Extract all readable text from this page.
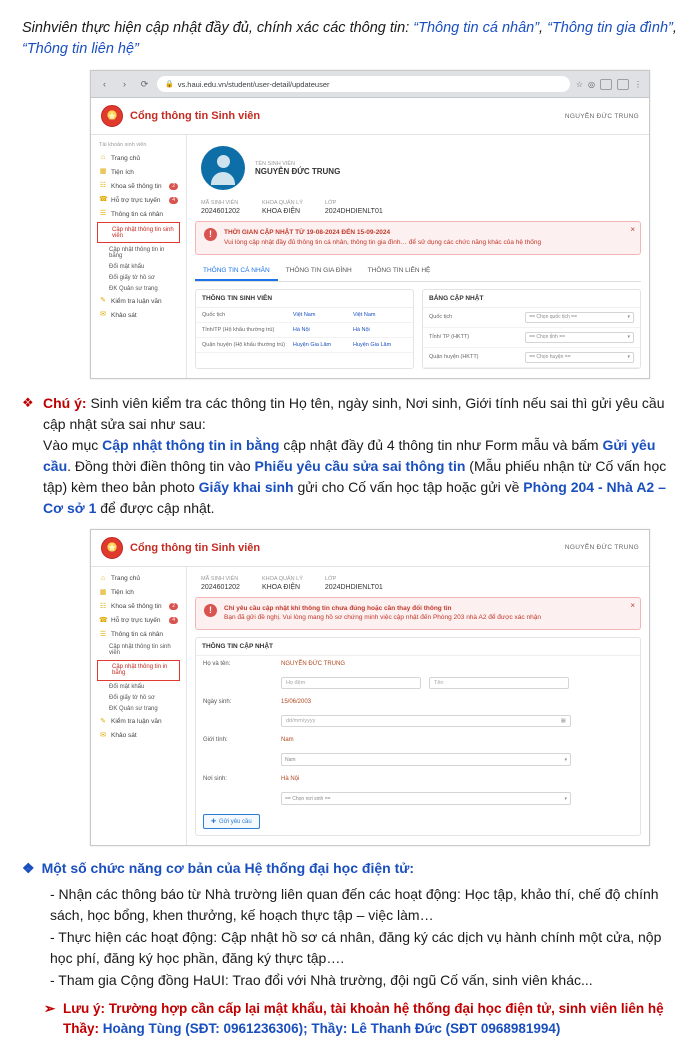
Sinhviên thực hiện cập nhật đầy đủ, chính xác các thông tin: “Thông tin cá nhân”, “Thông tin gia đình”, “Thông tin liên hệ”
‹	›	⟳	🔒 vs.haui.edu.vn/student/user-detail/updateuser	☆ ◎	⋮
Cổng thông tin Sinh viên	NGUYỄN ĐỨC TRUNG
Tài khoản sinh viên
⌂ Trang chủ
▦ Tiện ích
☷ Khoa sẽ thông tin	2
☎ Hỗ trợ trực tuyến	4
☰ Thông tin cá nhân
Cập nhật thông tin sinh viên
Cập nhật thông tin in bằng
Đổi mật khẩu
Đổi giấy tờ hồ sơ
ĐK Quản sư trang
✎ Kiểm tra luận văn
✉ Khảo sát
TÊN SINH VIÊN
NGUYỄN ĐỨC TRUNG
MÃ SINH VIÊN
2024601202
KHOA QUẢN LÝ
KHOA ĐIỆN
LỚP
2024DHDIENLT01
!	THỜI GIAN CẬP NHẬT TỪ 19-08-2024 ĐẾN 15-09-2024
Vui lòng cập nhật đầy đủ thông tin cá nhân, thông tin gia đình… để sử dụng các chức năng khác của hệ thống
×
THÔNG TIN CÁ NHÂN	THÔNG TIN GIA ĐÌNH	THÔNG TIN LIÊN HỆ
THÔNG TIN SINH VIÊN
Quốc tịch	Việt Nam	Việt Nam
Tỉnh/TP (Hộ khẩu thường trú)	Hà Nội	Hà Nội
Quận huyện (Hộ khẩu thường trú)	Huyện Gia Lâm	Huyện Gia Lâm
BẢNG CẬP NHẬT
Quốc tịch	== Chọn quốc tịch ==	▾
Tỉnh/ TP (HKTT)	== Chọn tỉnh ==	▾
Quận huyện (HKTT)	== Chọn huyện ==	▾
❖ Chú ý: Sinh viên kiểm tra các thông tin Họ tên, ngày sinh, Nơi sinh, Giới tính nếu sai thì gửi yêu cầu cập nhật sửa sai như sau:
Vào mục Cập nhật thông tin in bằng cập nhật đầy đủ 4 thông tin như Form mẫu và bấm Gửi yêu cầu. Đồng thời điền thông tin vào Phiếu yêu cầu sửa sai thông tin (Mẫu phiếu nhận từ Cố vấn học tập) kèm theo bản photo Giấy khai sinh gửi cho Cố vấn học tập hoặc gửi về Phòng 204 - Nhà A2 – Cơ sở 1 để được cập nhật.
Cổng thông tin Sinh viên	NGUYỄN ĐỨC TRUNG
⌂ Trang chủ
▦ Tiện ích
☷ Khoa sẽ thông tin	2
☎ Hỗ trợ trực tuyến	4
☰ Thông tin cá nhân
Cập nhật thông tin sinh viên
Cập nhật thông tin in bằng
Đổi mật khẩu
Đổi giấy tờ hồ sơ
ĐK Quản sư trang
✎ Kiểm tra luận văn
✉ Khảo sát
MÃ SINH VIÊN
2024601202
KHOA QUẢN LÝ
KHOA ĐIỆN
LỚP
2024DHDIENLT01
!	Chỉ yêu cầu cập nhật khi thông tin chưa đúng hoặc cần thay đổi thông tin
Bạn đã gửi đề nghị. Vui lòng mang hồ sơ chứng minh việc cập nhật đến Phòng 203 nhà A2 để được xác nhận
×
THÔNG TIN CẬP NHẬT
Họ và tên:	NGUYỄN ĐỨC TRUNG
Họ đệm	Tên
Ngày sinh:	15/06/2003
dd/mm/yyyy	▦
Giới tính:	Nam
Nam	▾
Nơi sinh:	Hà Nội
== Chọn nơi sinh ==	▾
✚ Gửi yêu cầu
❖ Một số chức năng cơ bản của Hệ thống đại học điện tử:
- Nhận các thông báo từ Nhà trường liên quan đến các hoạt động: Học tập, khảo thí, chế độ chính sách, học bổng, khen thưởng, kế hoạch thực tập – việc làm…
- Thực hiện các hoạt động: Cập nhật hồ sơ cá nhân, đăng ký các dịch vụ hành chính một cửa, nộp học phí, đăng ký học phần, đăng ký thực tập….
- Tham gia Cộng đồng HaUI: Trao đổi với Nhà trường, đội ngũ Cố vấn, sinh viên khác...
➢ Lưu ý: Trường hợp cần cấp lại mật khẩu, tài khoản hệ thống đại học điện tử, sinh viên liên hệ Thầy: Hoàng Tùng (SĐT: 0961236306); Thầy: Lê Thanh Đức (SĐT 0968981994)
